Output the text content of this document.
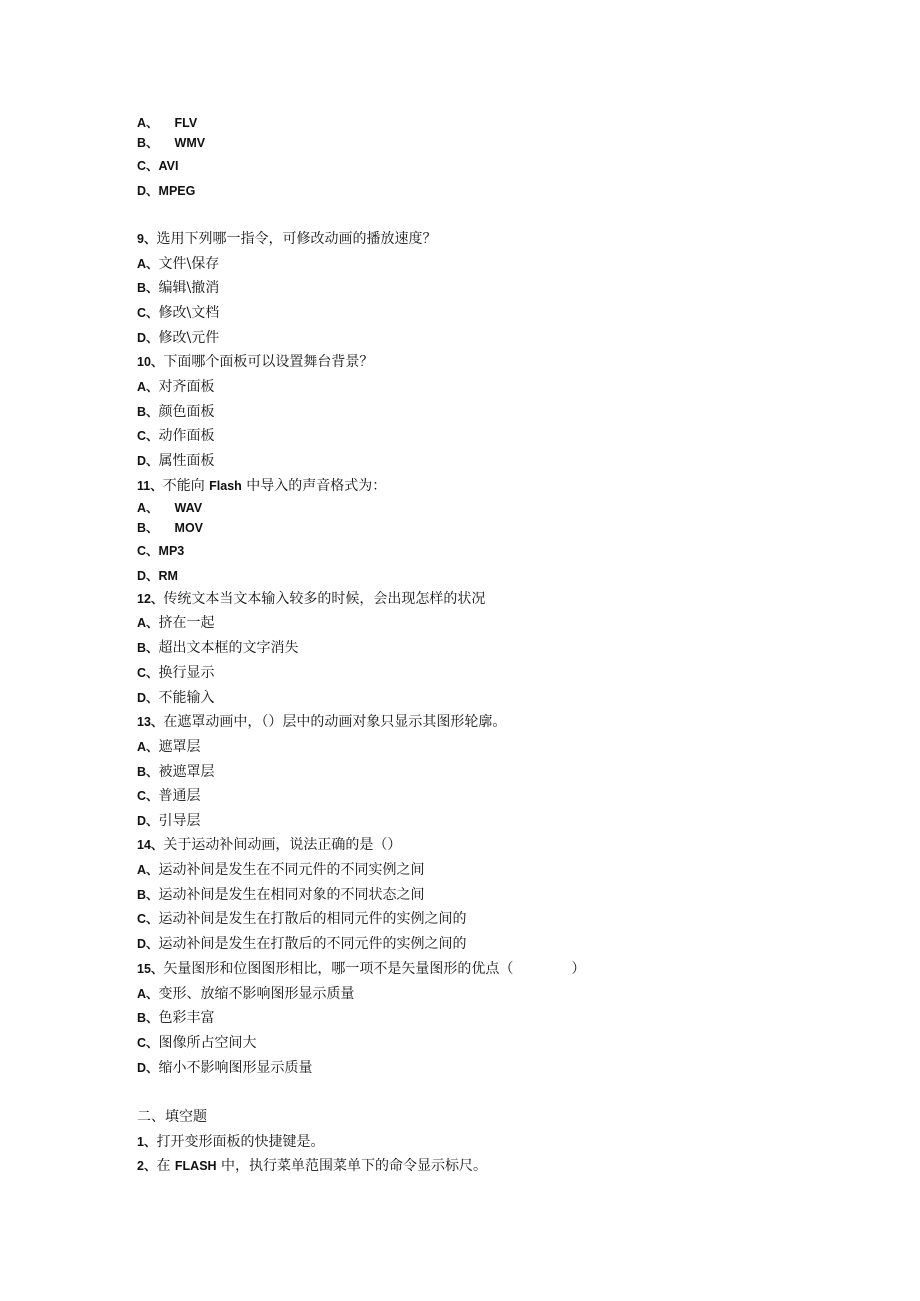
A、 FLV
B、 WMV
C、AVI
D、MPEG
9、选用下列哪一指令，可修改动画的播放速度？
A、文件\保存
B、编辑\撤消
C、修改\文档
D、修改\元件
10、下面哪个面板可以设置舞台背景？
A、对齐面板
B、颜色面板
C、动作面板
D、属性面板
11、不能向 Flash 中导入的声音格式为：
A、 WAV
B、 MOV
C、MP3
D、RM
12、传统文本当文本输入较多的时候，会出现怎样的状况
A、挤在一起
B、超出文本框的文字消失
C、换行显示
D、不能输入
13、在遮罩动画中，（）层中的动画对象只显示其图形轮廓。
A、遮罩层
B、被遮罩层
C、普通层
D、引导层
14、关于运动补间动画，说法正确的是（）
A、运动补间是发生在不同元件的不同实例之间
B、运动补间是发生在相同对象的不同状态之间
C、运动补间是发生在打散后的相同元件的实例之间的
D、运动补间是发生在打散后的不同元件的实例之间的
15、矢量图形和位图图形相比，哪一项不是矢量图形的优点（	）
A、变形、放缩不影响图形显示质量
B、色彩丰富
C、图像所占空间大
D、缩小不影响图形显示质量
二、填空题
1、打开变形面板的快捷键是。
2、在 FLASH 中，执行菜单范围菜单下的命令显示标尺。
